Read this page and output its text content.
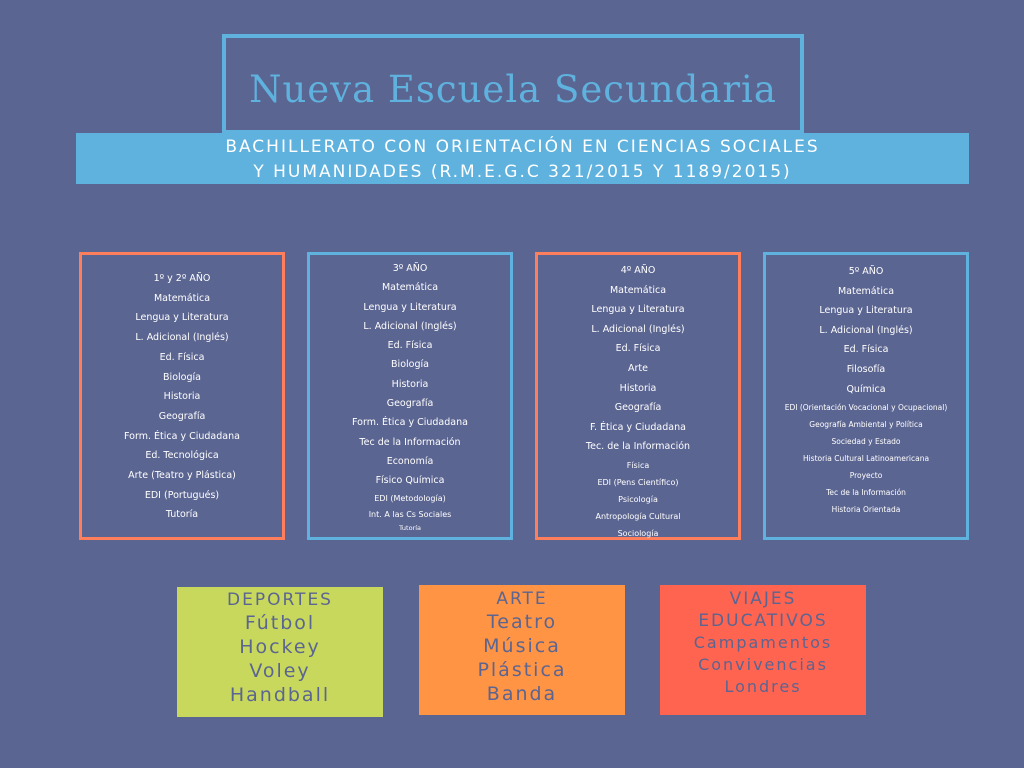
Nueva Escuela Secundaria
BACHILLERATO CON ORIENTACIÓN EN CIENCIAS SOCIALES
Y HUMANIDADES (R.M.E.G.C 321/2015 Y 1189/2015)
1º y 2º AÑO
Matemática
Lengua y Literatura
L. Adicional (Inglés)
Ed. Física
Biología
Historia
Geografía
Form. Ética y Ciudadana
Ed. Tecnológica
Arte (Teatro y Plástica)
EDI (Portugués)
Tutoría
3º AÑO
Matemática
Lengua y Literatura
L. Adicional (Inglés)
Ed. Física
Biología
Historia
Geografía
Form. Ética y Ciudadana
Tec de la Información
Economía
Físico Química
EDI (Metodología)
Int. A las Cs Sociales
Tutoría
4º AÑO
Matemática
Lengua y Literatura
L. Adicional (Inglés)
Ed. Física
Arte
Historia
Geografía
F. Ética y Ciudadana
Tec. de la Información
Física
EDI (Pens Científico)
Psicología
Antropología Cultural
Sociología
5º AÑO
Matemática
Lengua y Literatura
L. Adicional (Inglés)
Ed. Física
Filosofía
Química
EDI (Orientación Vocacional y Ocupacional)
Geografía Ambiental y Política
Sociedad y Estado
Historia Cultural Latinoamericana
Proyecto
Tec de la Información
Historia Orientada
DEPORTES
Fútbol
Hockey
Voley
Handball
ARTE
Teatro
Música
Plástica
Banda
VIAJES
EDUCATIVOS
Campamentos
Convivencias
Londres
